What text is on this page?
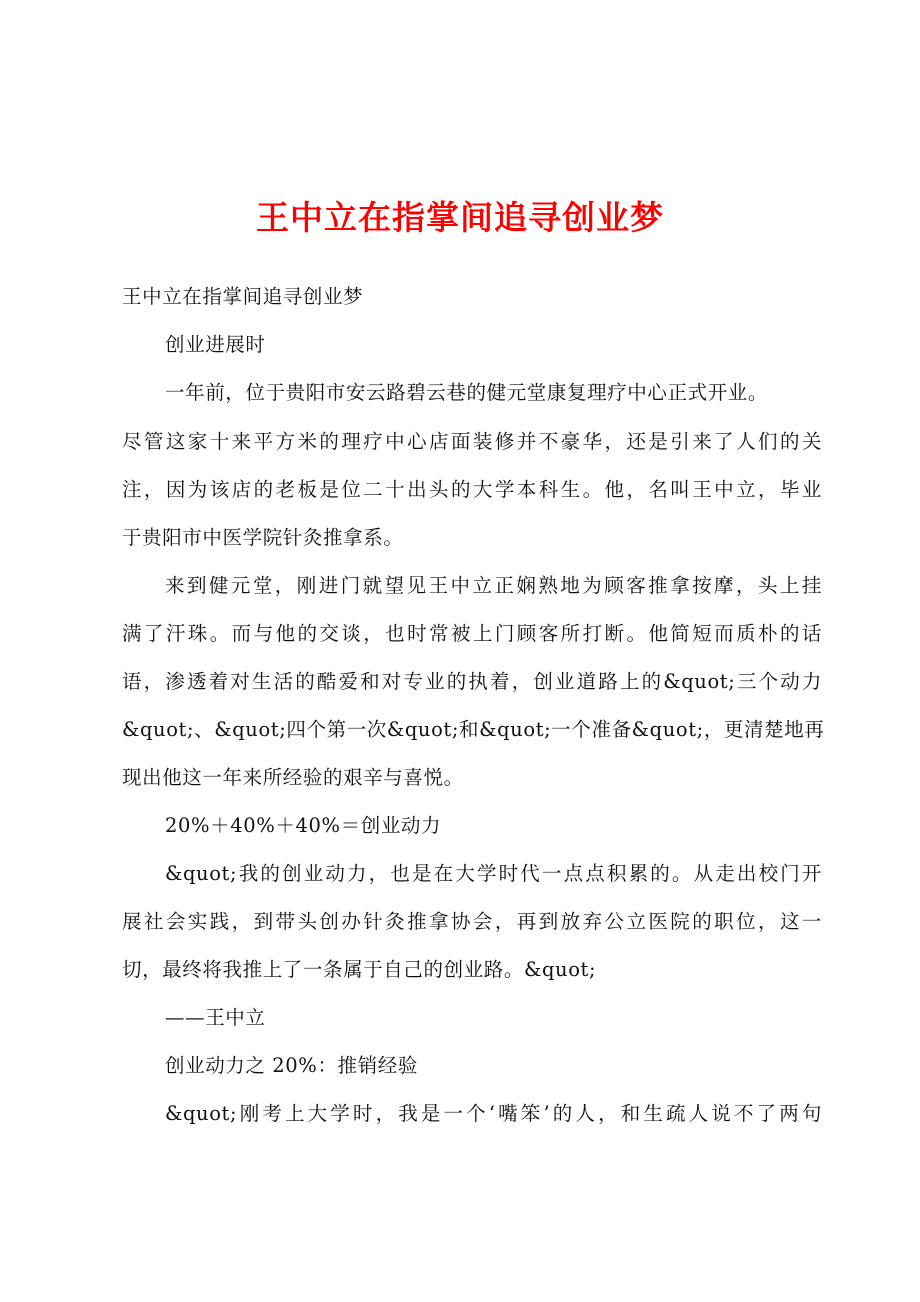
王中立在指掌间追寻创业梦

王中立在指掌间追寻创业梦

创业进展时

一年前，位于贵阳市安云路碧云巷的健元堂康复理疗中心正式开业。

尽管这家十来平方米的理疗中心店面装修并不豪华，还是引来了人们的关

注，因为该店的老板是位二十出头的大学本科生。他，名叫王中立，毕业

于贵阳市中医学院针灸推拿系。

来到健元堂，刚进门就望见王中立正娴熟地为顾客推拿按摩，头上挂

满了汗珠。而与他的交谈，也时常被上门顾客所打断。他简短而质朴的话

语，渗透着对生活的酷爱和对专业的执着，创业道路上的&quot;三个动力

&quot;、&quot;四个第一次&quot;和&quot;一个准备&quot;，更清楚地再

现出他这一年来所经验的艰辛与喜悦。

20%＋40%＋40%＝创业动力

&quot;我的创业动力，也是在大学时代一点点积累的。从走出校门开

展社会实践，到带头创办针灸推拿协会，再到放弃公立医院的职位，这一

切，最终将我推上了一条属于自己的创业路。&quot;

——王中立

创业动力之 20%：推销经验

&quot;刚考上大学时，我是一个‘嘴笨’的人，和生疏人说不了两句
